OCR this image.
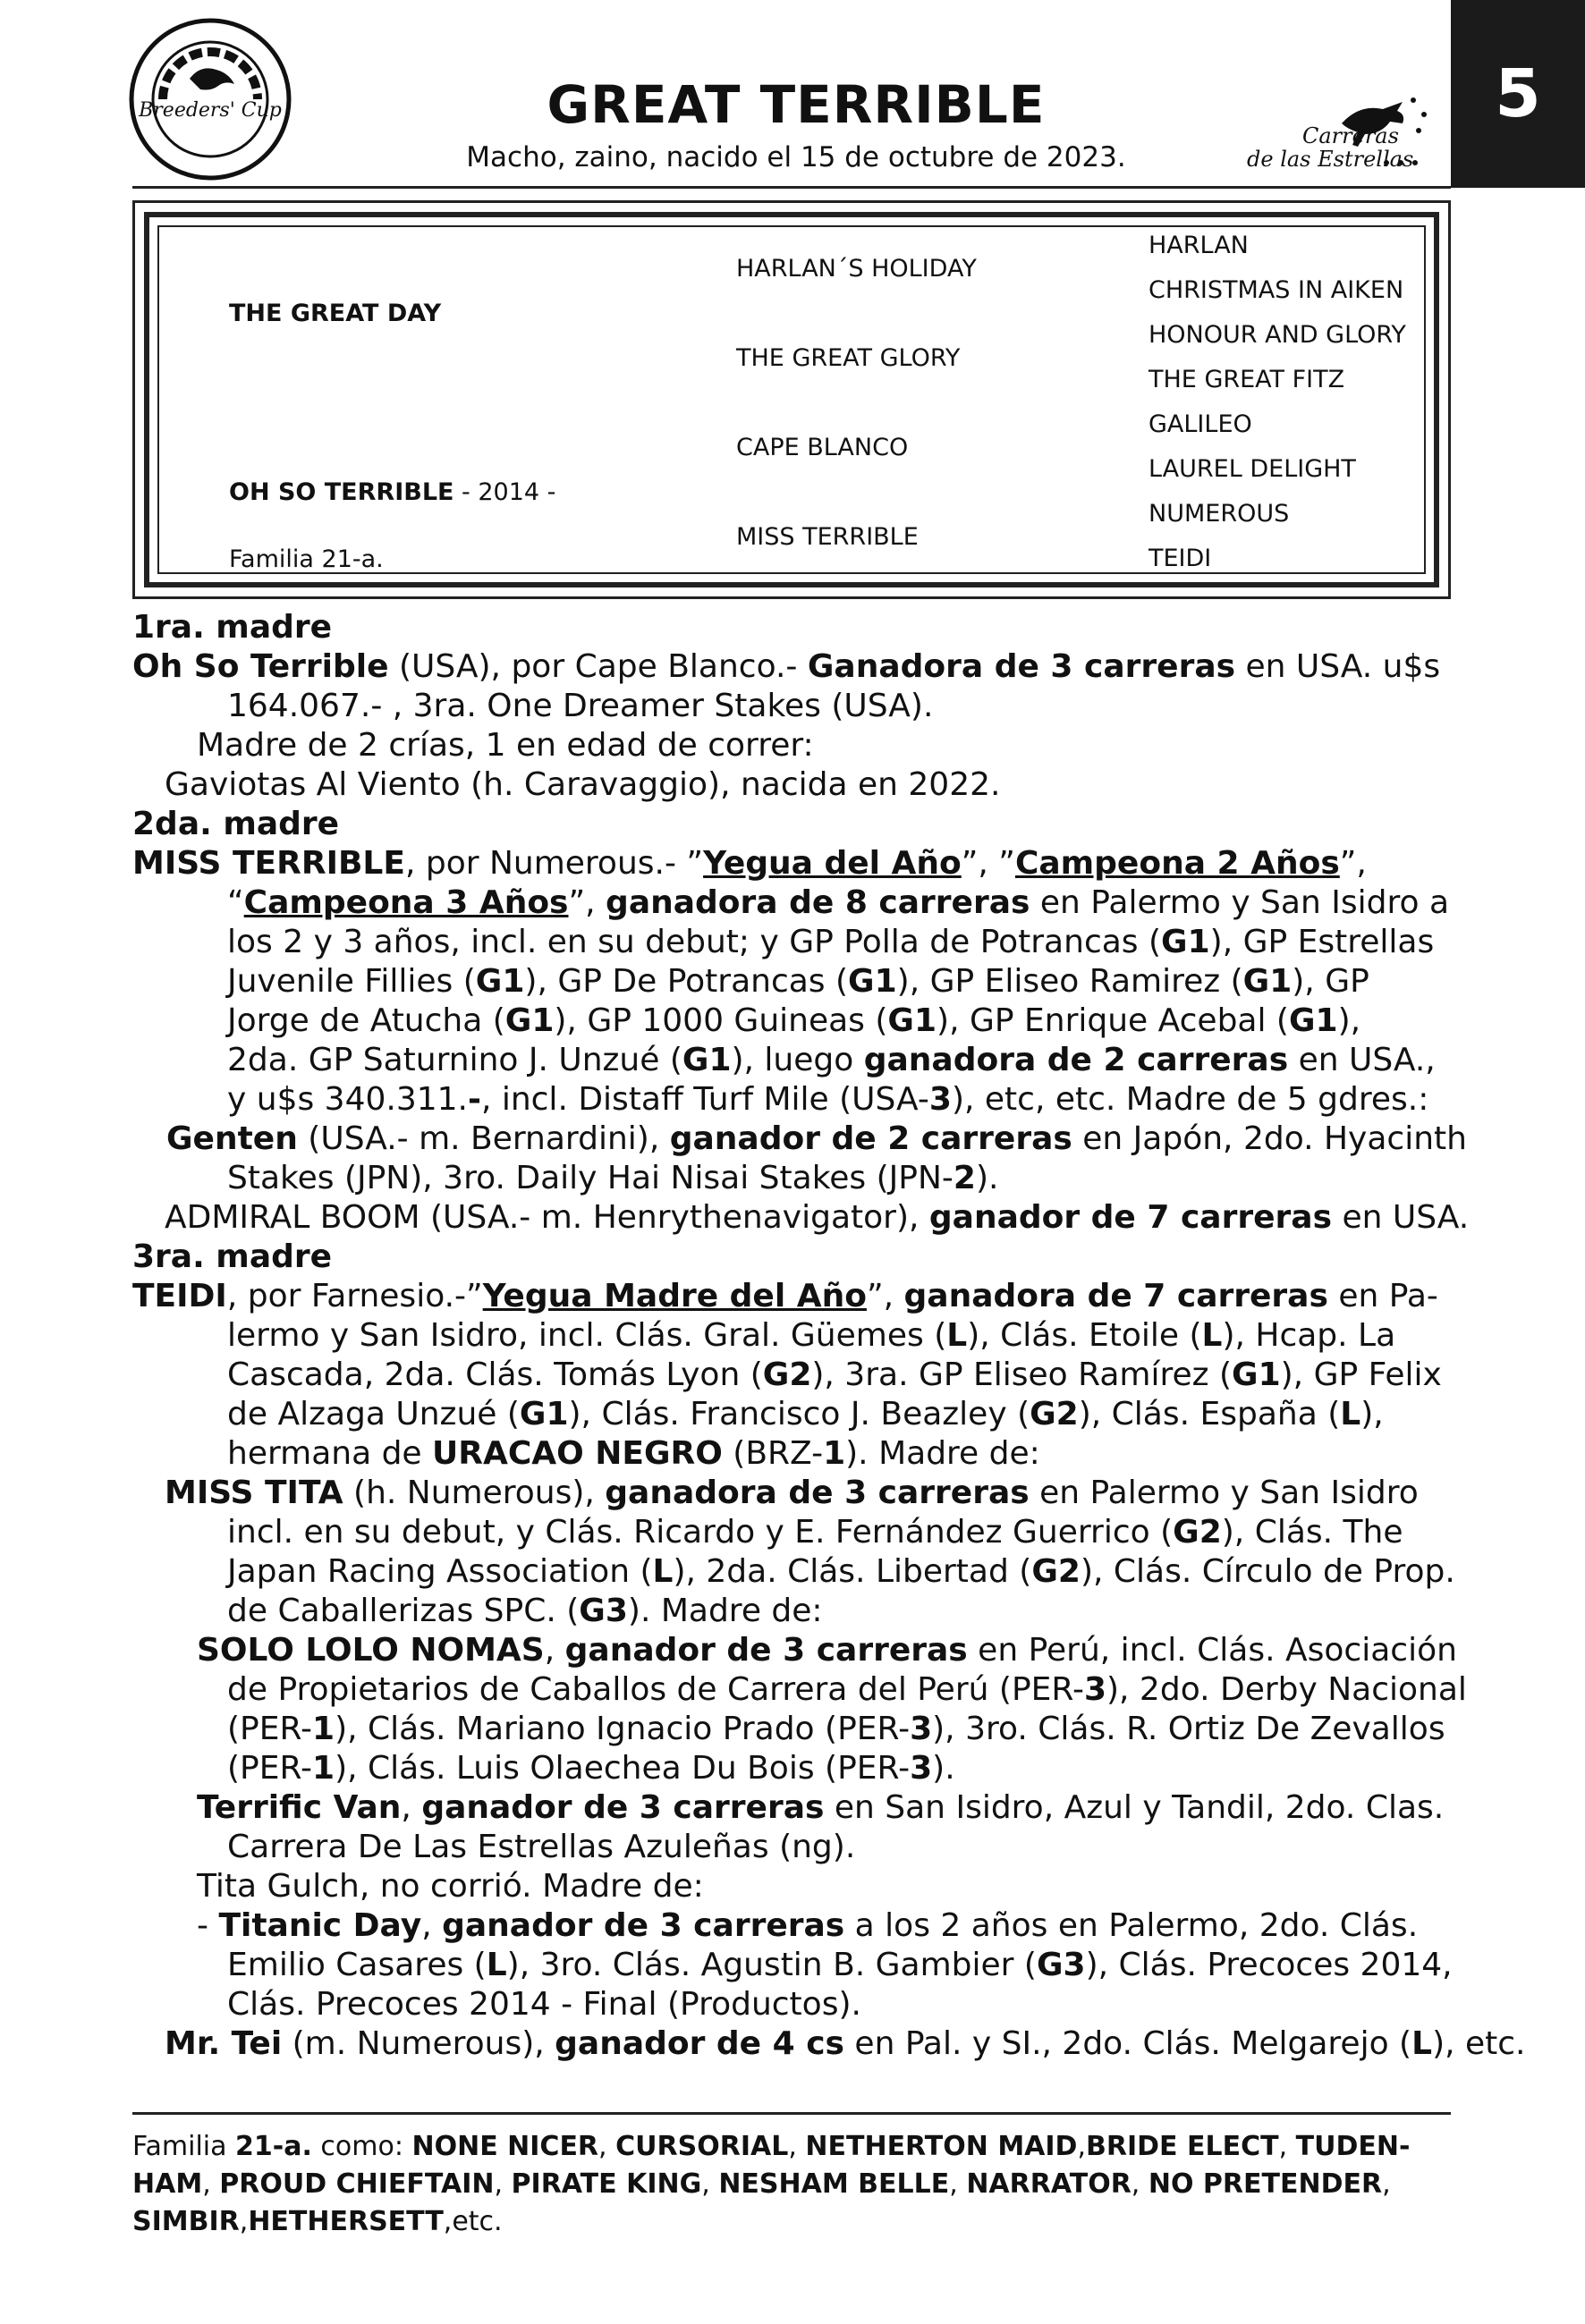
Breeders' Cup
Carreras
de las Estrellas
5
GREAT TERRIBLE
Macho, zaino, nacido el 15 de octubre de 2023.
THE GREAT DAY
OH SO TERRIBLE - 2014 -
Familia 21-a.
HARLAN´S HOLIDAY
THE GREAT GLORY
CAPE BLANCO
MISS TERRIBLE
HARLAN
CHRISTMAS IN AIKEN
HONOUR AND GLORY
THE GREAT FITZ
GALILEO
LAUREL DELIGHT
NUMEROUS
TEIDI

1ra. madre

Oh So Terrible (USA), por Cape Blanco.- Ganadora de 3 carreras en USA. u$s

164.067.- , 3ra. One Dreamer Stakes (USA).

Madre de 2 crías, 1 en edad de correr:

Gaviotas Al Viento (h. Caravaggio), nacida en 2022.

2da. madre

MISS TERRIBLE, por Numerous.- ”Yegua del Año”, ”Campeona 2 Años”,

“Campeona 3 Años”, ganadora de 8 carreras en Palermo y San Isidro a

los 2 y 3 años, incl. en su debut; y GP Polla de Potrancas (G1), GP Estrellas

Juvenile Fillies (G1), GP De Potrancas (G1), GP Eliseo Ramirez (G1), GP

Jorge de Atucha (G1), GP 1000 Guineas (G1), GP Enrique Acebal (G1),

2da. GP Saturnino J. Unzué (G1), luego ganadora de 2 carreras en USA.,

y u$s 340.311.-, incl. Distaff Turf Mile (USA-3), etc, etc. Madre de 5 gdres.:

Genten (USA.- m. Bernardini), ganador de 2 carreras en Japón, 2do. Hyacinth

Stakes (JPN), 3ro. Daily Hai Nisai Stakes (JPN-2).

ADMIRAL BOOM (USA.- m. Henrythenavigator), ganador de 7 carreras en USA.

3ra. madre

TEIDI, por Farnesio.-”Yegua Madre del Año”, ganadora de 7 carreras en Pa-

lermo y San Isidro, incl. Clás. Gral. Güemes (L), Clás. Etoile (L), Hcap. La

Cascada, 2da. Clás. Tomás Lyon (G2), 3ra. GP Eliseo Ramírez (G1), GP Felix

de Alzaga Unzué (G1), Clás. Francisco J. Beazley (G2), Clás. España (L),

hermana de URACAO NEGRO (BRZ-1). Madre de:

MISS TITA (h. Numerous), ganadora de 3 carreras en Palermo y San Isidro

incl. en su debut, y Clás. Ricardo y E. Fernández Guerrico (G2), Clás. The

Japan Racing Association (L), 2da. Clás. Libertad (G2), Clás. Círculo de Prop.

de Caballerizas SPC. (G3). Madre de:

SOLO LOLO NOMAS, ganador de 3 carreras en Perú, incl. Clás. Asociación

de Propietarios de Caballos de Carrera del Perú (PER-3), 2do. Derby Nacional

(PER-1), Clás. Mariano Ignacio Prado (PER-3), 3ro. Clás. R. Ortiz De Zevallos

(PER-1), Clás. Luis Olaechea Du Bois (PER-3).

Terrific Van, ganador de 3 carreras en San Isidro, Azul y Tandil, 2do. Clas.

Carrera De Las Estrellas Azuleñas (ng).

Tita Gulch, no corrió. Madre de:

- Titanic Day, ganador de 3 carreras a los 2 años en Palermo, 2do. Clás.

Emilio Casares (L), 3ro. Clás. Agustin B. Gambier (G3), Clás. Precoces 2014,

Clás. Precoces 2014 - Final (Productos).

Mr. Tei (m. Numerous), ganador de 4 cs en Pal. y SI., 2do. Clás. Melgarejo (L), etc.

Familia 21-a. como: NONE NICER, CURSORIAL, NETHERTON MAID,BRIDE ELECT, TUDEN-

HAM, PROUD CHIEFTAIN, PIRATE KING, NESHAM BELLE, NARRATOR, NO PRETENDER,

SIMBIR,HETHERSETT,etc.
